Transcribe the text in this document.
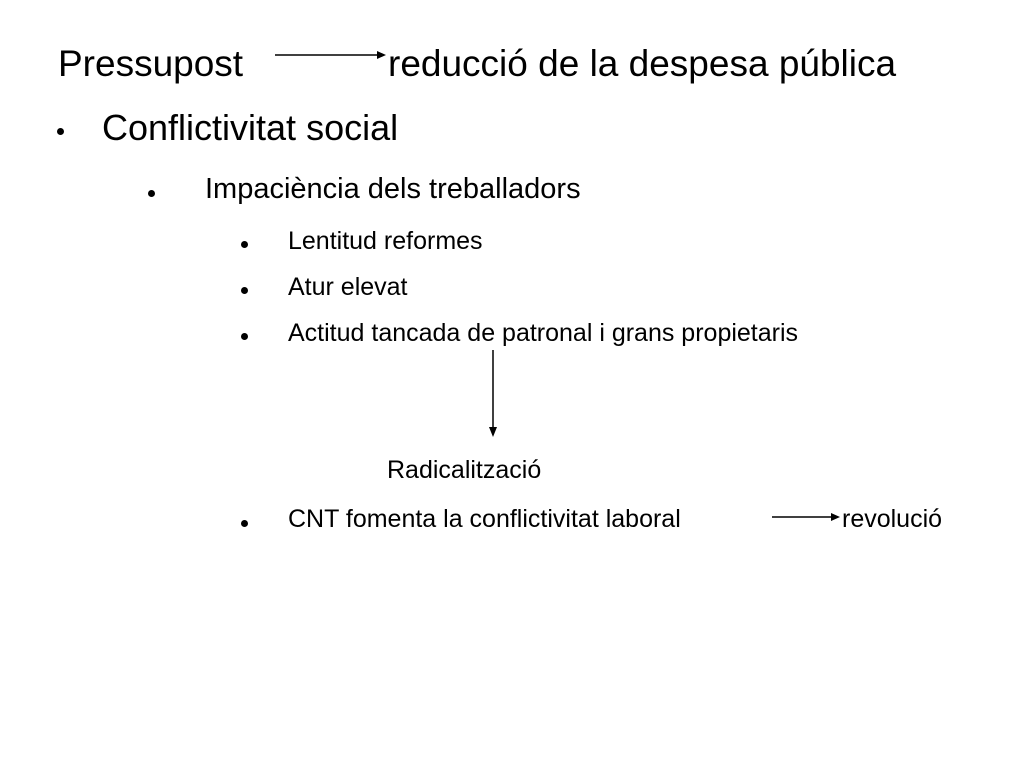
Pressupost	reducció de la despesa pública
Conflictivitat social
Impaciència dels treballadors
Lentitud reformes
Atur elevat
Actitud tancada de patronal i grans propietaris
Radicalització
CNT fomenta la conflictivitat laboral	revolució
